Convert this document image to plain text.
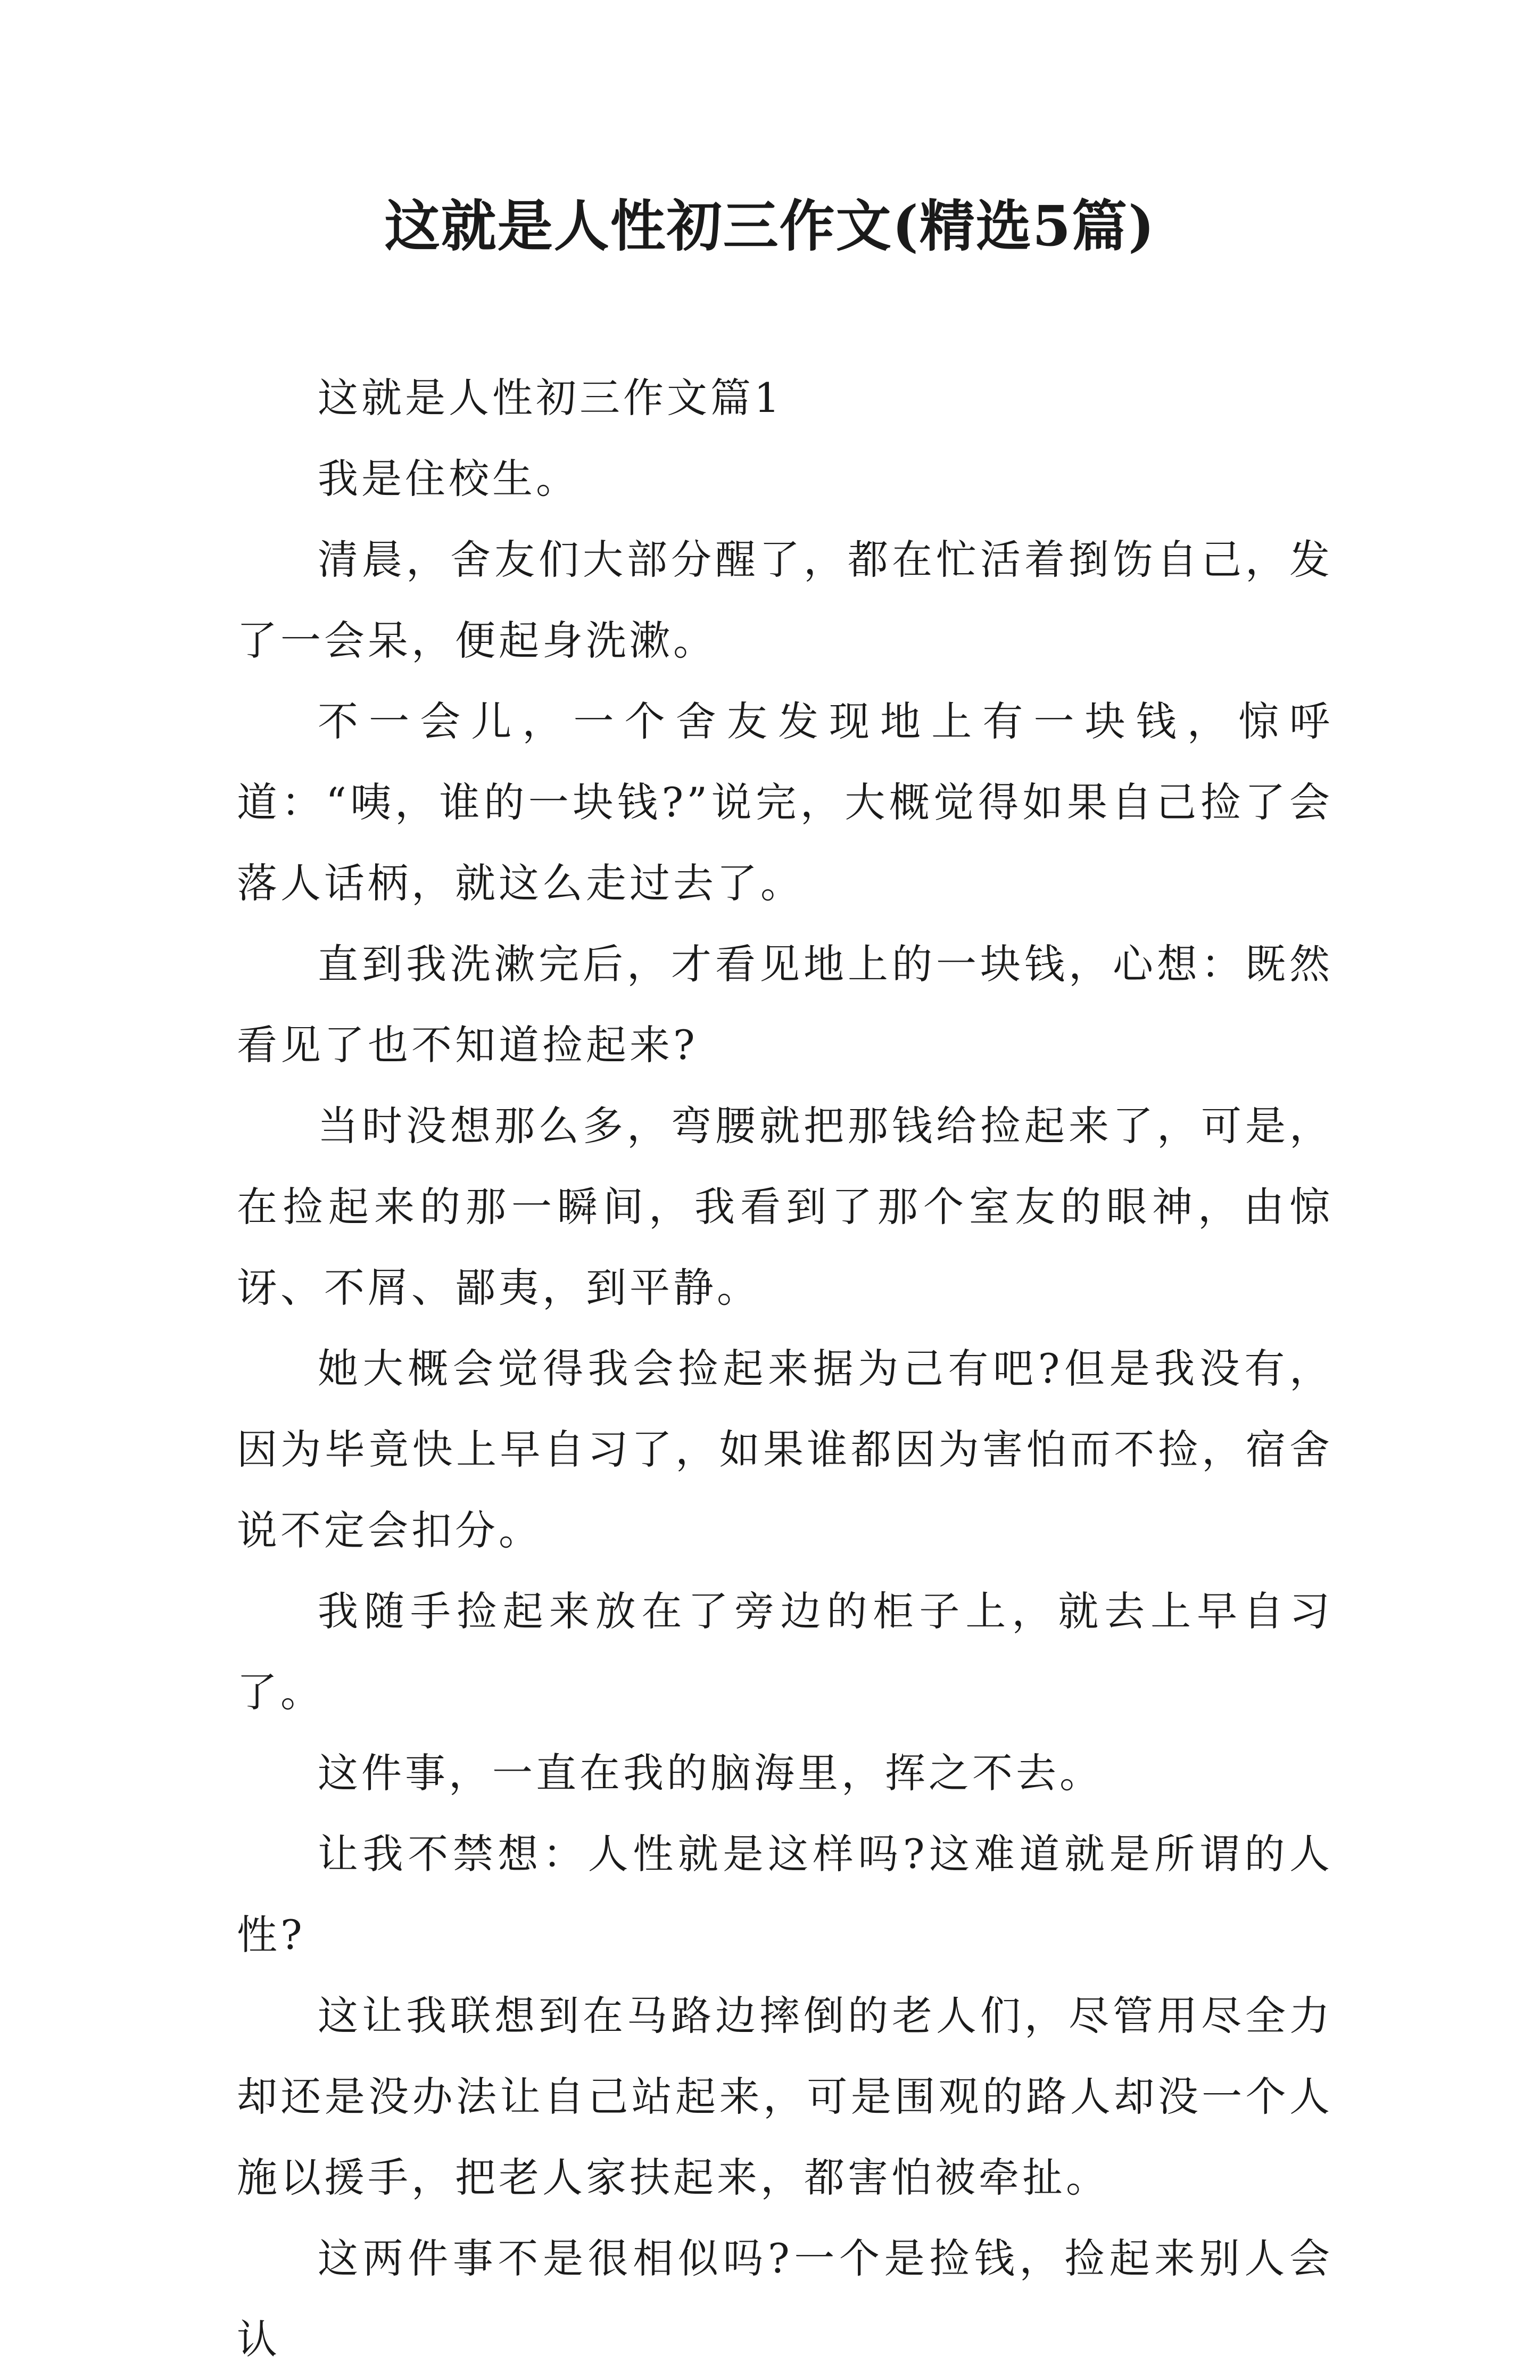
这就是人性初三作文(精选5篇)

这就是人性初三作文篇1

我是住校生。

清晨，舍友们大部分醒了，都在忙活着捯饬自己，发了一会呆，便起身洗漱。

不一会儿，一个舍友发现地上有一块钱，惊呼道：“咦，谁的一块钱?”说完，大概觉得如果自己捡了会落人话柄，就这么走过去了。

直到我洗漱完后，才看见地上的一块钱，心想：既然看见了也不知道捡起来?

当时没想那么多，弯腰就把那钱给捡起来了，可是，在捡起来的那一瞬间，我看到了那个室友的眼神，由惊讶、不屑、鄙夷，到平静。

她大概会觉得我会捡起来据为己有吧?但是我没有，因为毕竟快上早自习了，如果谁都因为害怕而不捡，宿舍说不定会扣分。

我随手捡起来放在了旁边的柜子上，就去上早自习了。

这件事，一直在我的脑海里，挥之不去。

让我不禁想：人性就是这样吗?这难道就是所谓的人性?

这让我联想到在马路边摔倒的老人们，尽管用尽全力却还是没办法让自己站起来，可是围观的路人却没一个人施以援手，把老人家扶起来，都害怕被牵扯。

这两件事不是很相似吗?一个是捡钱，捡起来别人会认
